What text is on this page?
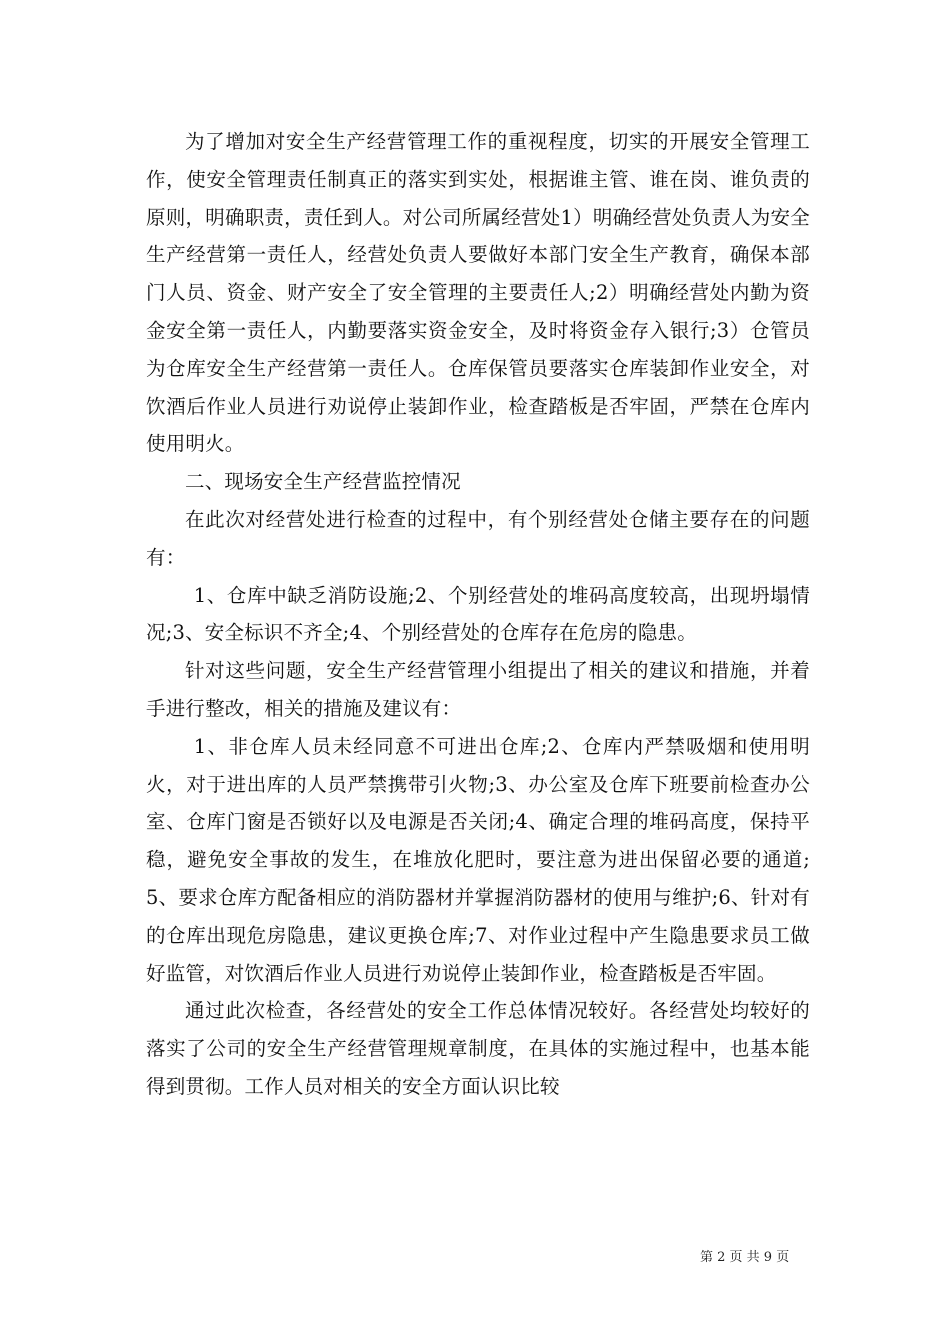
为了增加对安全生产经营管理工作的重视程度，切实的开展安全管理工作，使安全管理责任制真正的落实到实处，根据谁主管、谁在岗、谁负责的原则，明确职责，责任到人。对公司所属经营处1）明确经营处负责人为安全生产经营第一责任人，经营处负责人要做好本部门安全生产教育，确保本部门人员、资金、财产安全了安全管理的主要责任人;2）明确经营处内勤为资金安全第一责任人，内勤要落实资金安全，及时将资金存入银行;3）仓管员为仓库安全生产经营第一责任人。仓库保管员要落实仓库装卸作业安全，对饮酒后作业人员进行劝说停止装卸作业，检查踏板是否牢固，严禁在仓库内使用明火。

二、现场安全生产经营监控情况

在此次对经营处进行检查的过程中，有个别经营处仓储主要存在的问题有：

1、仓库中缺乏消防设施;2、个别经营处的堆码高度较高，出现坍塌情况;3、安全标识不齐全;4、个别经营处的仓库存在危房的隐患。

针对这些问题，安全生产经营管理小组提出了相关的建议和措施，并着手进行整改，相关的措施及建议有：

1、非仓库人员未经同意不可进出仓库;2、仓库内严禁吸烟和使用明火，对于进出库的人员严禁携带引火物;3、办公室及仓库下班要前检查办公室、仓库门窗是否锁好以及电源是否关闭;4、确定合理的堆码高度，保持平稳，避免安全事故的发生，在堆放化肥时，要注意为进出保留必要的通道;5、要求仓库方配备相应的消防器材并掌握消防器材的使用与维护;6、针对有的仓库出现危房隐患，建议更换仓库;7、对作业过程中产生隐患要求员工做好监管，对饮酒后作业人员进行劝说停止装卸作业，检查踏板是否牢固。

通过此次检查，各经营处的安全工作总体情况较好。各经营处均较好的落实了公司的安全生产经营管理规章制度，在具体的实施过程中，也基本能得到贯彻。工作人员对相关的安全方面认识比较

第 2 页 共 9 页
